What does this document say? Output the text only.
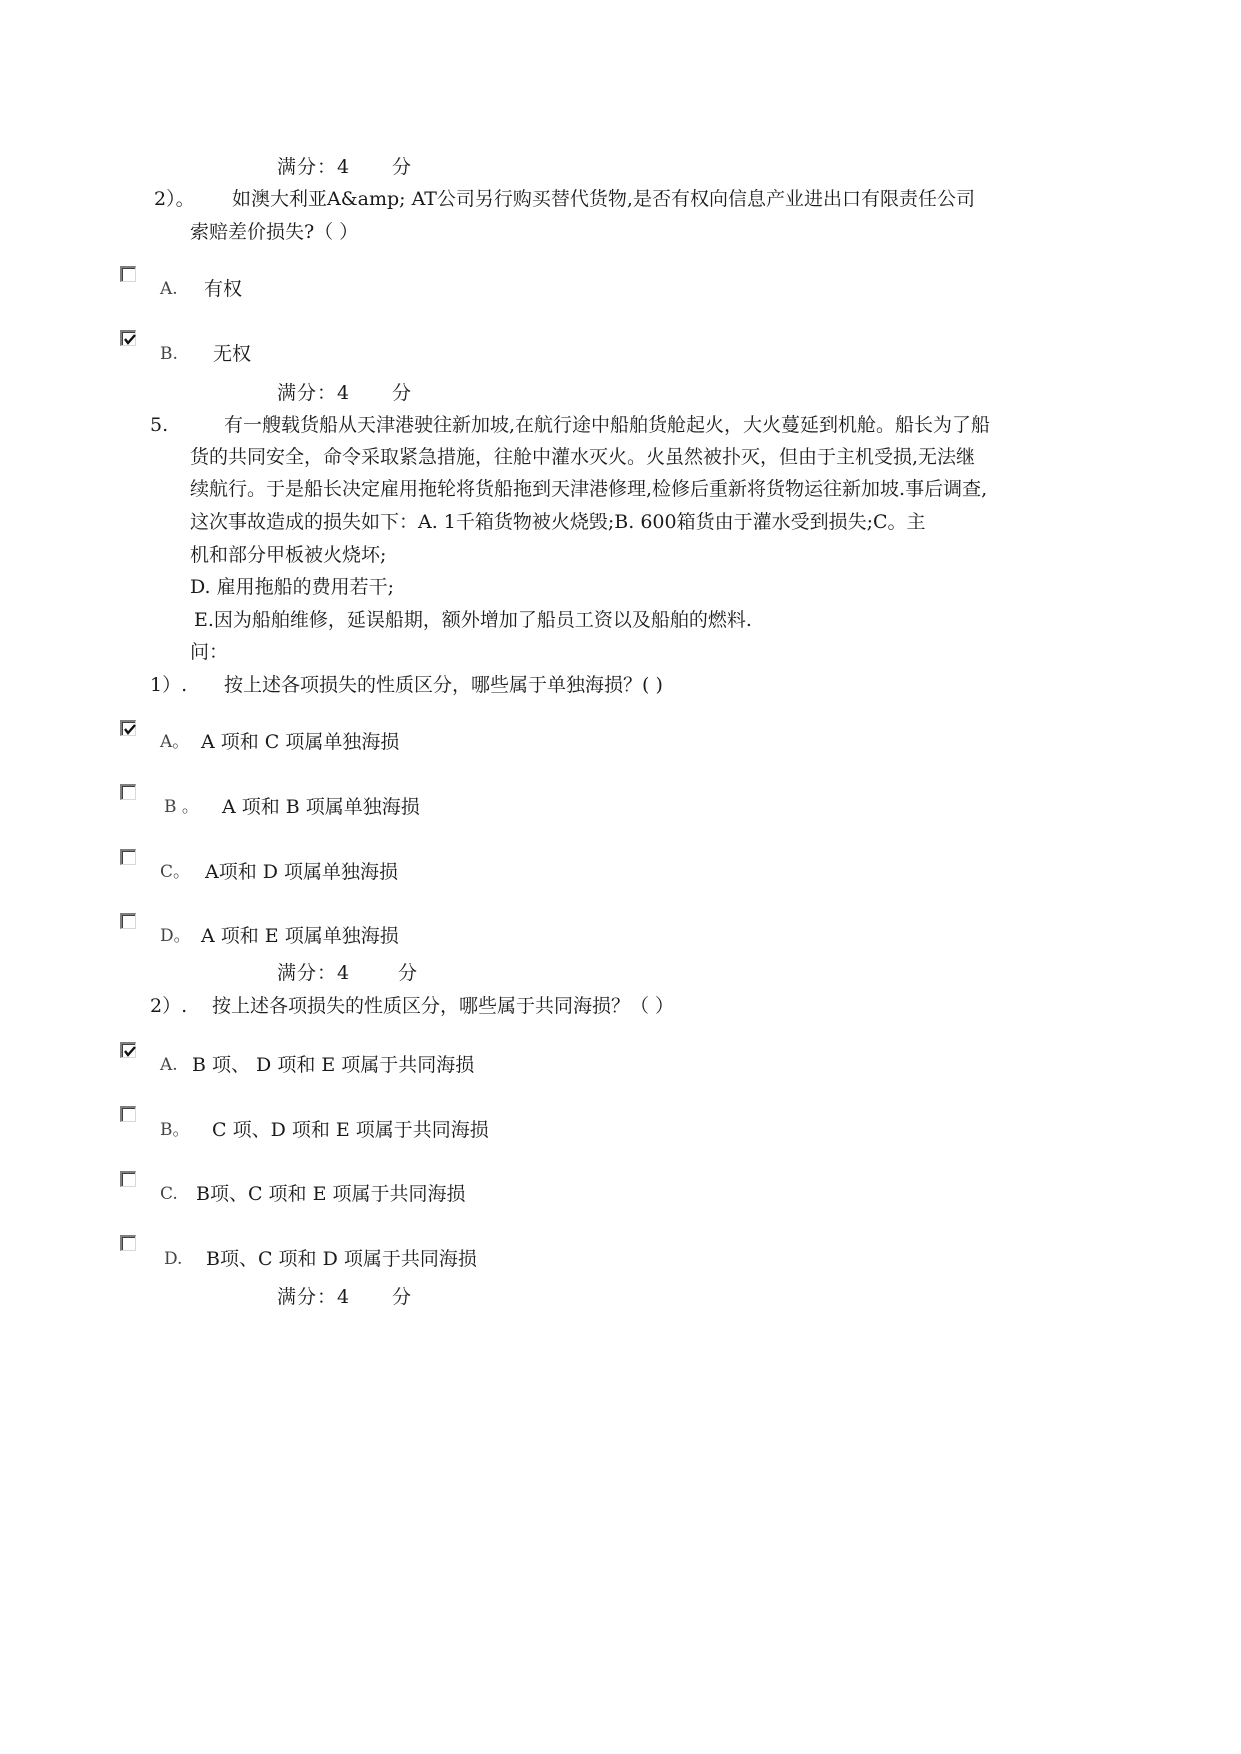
满分：4 分
2）。 如澳大利亚A&amp; AT公司另行购买替代货物,是否有权向信息产业进出口有限责任公司
索赔差价损失?（ ）
A. 有权
B. 无权
满分：4 分
5.	有一艘载货船从天津港驶往新加坡,在航行途中船舶货舱起火，大火蔓延到机舱。船长为了船
货的共同安全，命令采取紧急措施，往舱中灌水灭火。火虽然被扑灭，但由于主机受损,无法继
续航行。于是船长决定雇用拖轮将货船拖到天津港修理,检修后重新将货物运往新加坡.事后调查,
这次事故造成的损失如下：A. 1千箱货物被火烧毁;B. 600箱货由于灌水受到损失;C。主
机和部分甲板被火烧坏;
D. 雇用拖船的费用若干;
E.因为船舶维修，延误船期，额外增加了船员工资以及船舶的燃料.
问：
1）. 按上述各项损失的性质区分，哪些属于单独海损？( )
A。 A 项和 C 项属单独海损
B 。 A 项和 B 项属单独海损
C。 A项和 D 项属单独海损
D。 A 项和 E 项属单独海损
满分：4	分
2）. 按上述各项损失的性质区分，哪些属于共同海损？（ ）
A. B 项、 D 项和 E 项属于共同海损
B。 C 项、D 项和 E 项属于共同海损
C. B项、C 项和 E 项属于共同海损
D. B项、C 项和 D 项属于共同海损
满分：4 分
